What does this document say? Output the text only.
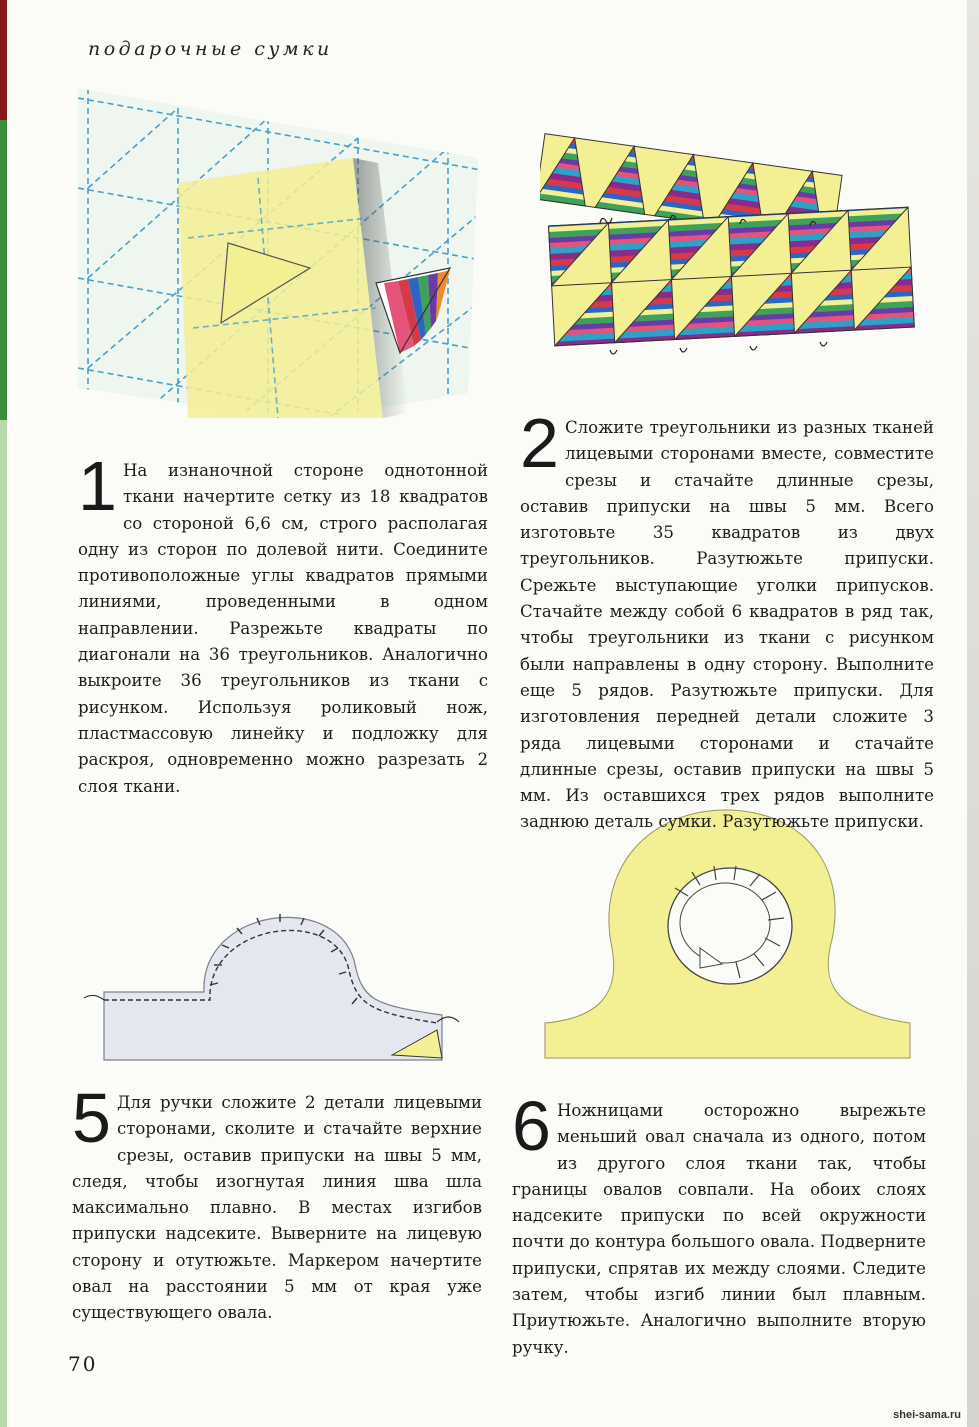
подарочные сумки
1 На изнаночной стороне однотонной ткани начертите сетку из 18 квадратов со стороной 6,6 см, строго располагая одну из сторон по долевой нити. Соедините противоположные углы квадратов прямыми линиями, проведенными в одном направлении. Разрежьте квадраты по диагонали на 36 треугольников. Аналогично выкроите 36 треугольников из ткани с рисунком. Используя роликовый нож, пластмассовую линейку и подложку для раскроя, одновременно можно разрезать 2 слоя ткани.
2 Сложите треугольники из разных тканей лицевыми сторонами вместе, совместите срезы и стачайте длинные срезы, оставив припуски на швы 5 мм. Всего изготовьте 35 квадратов из двух треугольников. Разутюжьте припуски. Срежьте выступающие уголки припусков. Стачайте между собой 6 квадратов в ряд так, чтобы треугольники из ткани с рисунком были направлены в одну сторону. Выполните еще 5 рядов. Разутюжьте припуски. Для изготовления передней детали сложите 3 ряда лицевыми сторонами и стачайте длинные срезы, оставив припуски на швы 5 мм. Из оставшихся трех рядов выполните заднюю деталь сумки. Разутюжьте припуски.
5 Для ручки сложите 2 детали лицевыми сторонами, сколите и стачайте верхние срезы, оставив припуски на швы 5 мм, следя, чтобы изогнутая линия шва шла максимально плавно. В местах изгибов припуски надсеките. Выверните на лицевую сторону и отутюжьте. Маркером начертите овал на расстоянии 5 мм от края уже существующего овала.
6 Ножницами осторожно вырежьте меньший овал сначала из одного, потом из другого слоя ткани так, чтобы границы овалов совпали. На обоих слоях надсеките припуски по всей окружности почти до контура большого овала. Подверните припуски, спрятав их между слоями. Следите затем, чтобы изгиб линии был плавным. Приутюжьте. Аналогично выполните вторую ручку.
70
shei-sama.ru
